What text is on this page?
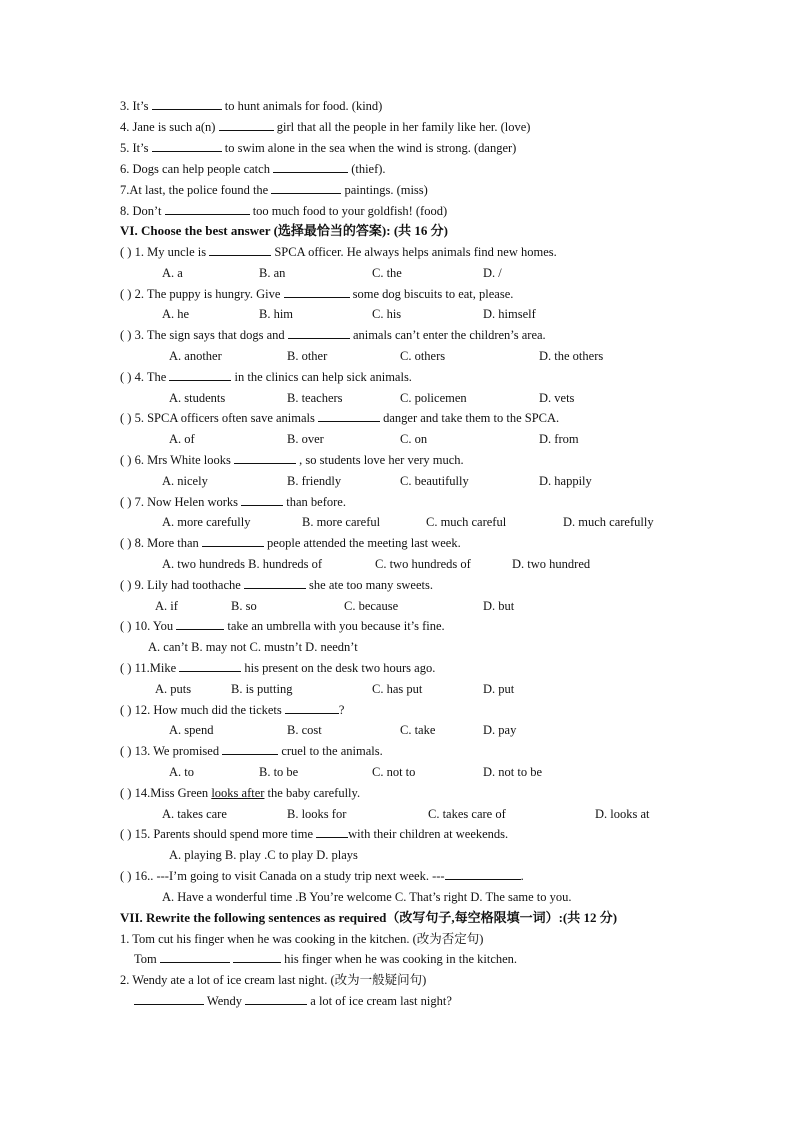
3. It’s	to hunt animals for food. (kind)
4. Jane is such a(n)	girl that all the people in her family like her. (love)
5. It’s	to swim alone in the sea when the wind is strong. (danger)
6. Dogs can help people catch	(thief).
7.At last, the police found the	paintings. (miss)
8. Don’t	too much food to your goldfish! (food)
VI. Choose the best answer (选择最恰当的答案): (共 16 分)
( ) 1. My uncle is	SPCA officer. He always helps animals find new homes.
A. a	B. an	C. the	D. /
( ) 2. The puppy is hungry. Give	some dog biscuits to eat, please.
A. he	B. him	C. his	D. himself
( ) 3. The sign says that dogs and	animals can’t enter the children’s area.
A. another	B. other	C. others	D. the others
( ) 4. The	in the clinics can help sick animals.
A. students	B. teachers	C. policemen	D. vets
( ) 5. SPCA officers often save animals	danger and take them to the SPCA.
A. of	B. over	C. on	D. from
( ) 6. Mrs White looks	, so students love her very much.
A. nicely	B. friendly	C. beautifully	D. happily
( ) 7. Now Helen works	than before.
A. more carefully	B. more careful	C. much careful	D. much carefully
( ) 8. More than	people attended the meeting last week.
A. two hundreds B. hundreds of	C. two hundreds of	D. two hundred
( ) 9. Lily had toothache	she ate too many sweets.
A. if	B. so	C. because	D. but
( ) 10. You	take an umbrella with you because it’s fine.
A. can’t B. may not C. mustn’t D. needn’t
( ) 11.Mike	his present on the desk two hours ago.
A. puts	B. is putting	C. has put	D. put
( ) 12. How much did the tickets	?
A. spend	B. cost	C. take	D. pay
( ) 13. We promised	cruel to the animals.
A. to	B. to be	C. not to	D. not to be
( ) 14.Miss Green looks after the baby carefully.
A. takes care	B. looks for	C. takes care of	D. looks at
( ) 15. Parents should spend more time	with their children at weekends.
A. playing B. play .C to play D. plays
( ) 16.. ---I’m going to visit Canada on a study trip next week. ---	.
A. Have a wonderful time .B You’re welcome C. That’s right D. The same to you.
VII. Rewrite the following sentences as required（改写句子,每空格限填一词）:(共 12 分)
1. Tom cut his finger when he was cooking in the kitchen. (改为否定句)
Tom	his finger when he was cooking in the kitchen.
2. Wendy ate a lot of ice cream last night. (改为一般疑问句)
Wendy	a lot of ice cream last night?
